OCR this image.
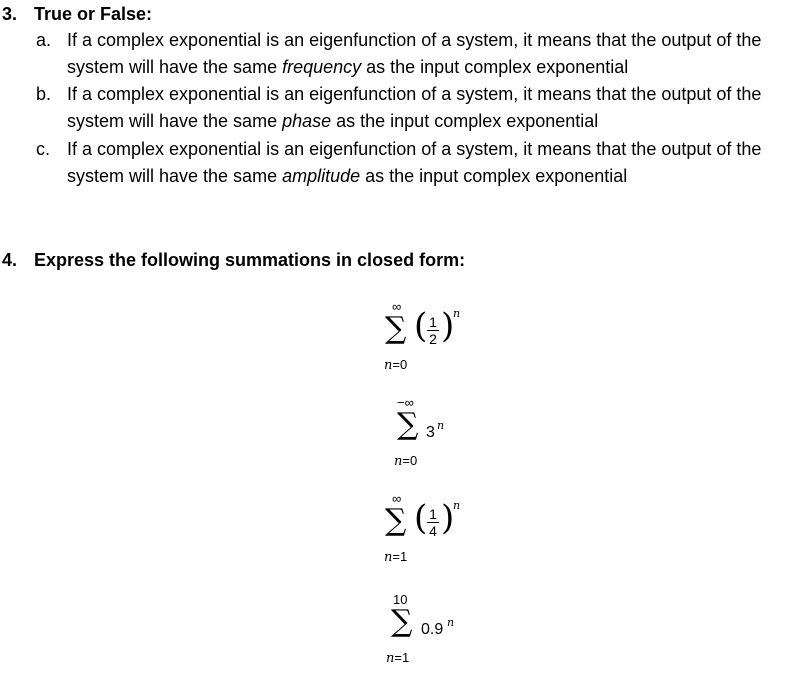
3. True or False:
a. If a complex exponential is an eigenfunction of a system, it means that the output of the
system will have the same frequency as the input complex exponential
b. If a complex exponential is an eigenfunction of a system, it means that the output of the
system will have the same phase as the input complex exponential
c. If a complex exponential is an eigenfunction of a system, it means that the output of the
system will have the same amplitude as the input complex exponential
4. Express the following summations in closed form:
∞
∑
n=0
( 1
2 )
n
−∞
∑
n=0
3 n
∞
∑
n=1
( 1
4 )
n
10
∑
n=1
0.9 n
